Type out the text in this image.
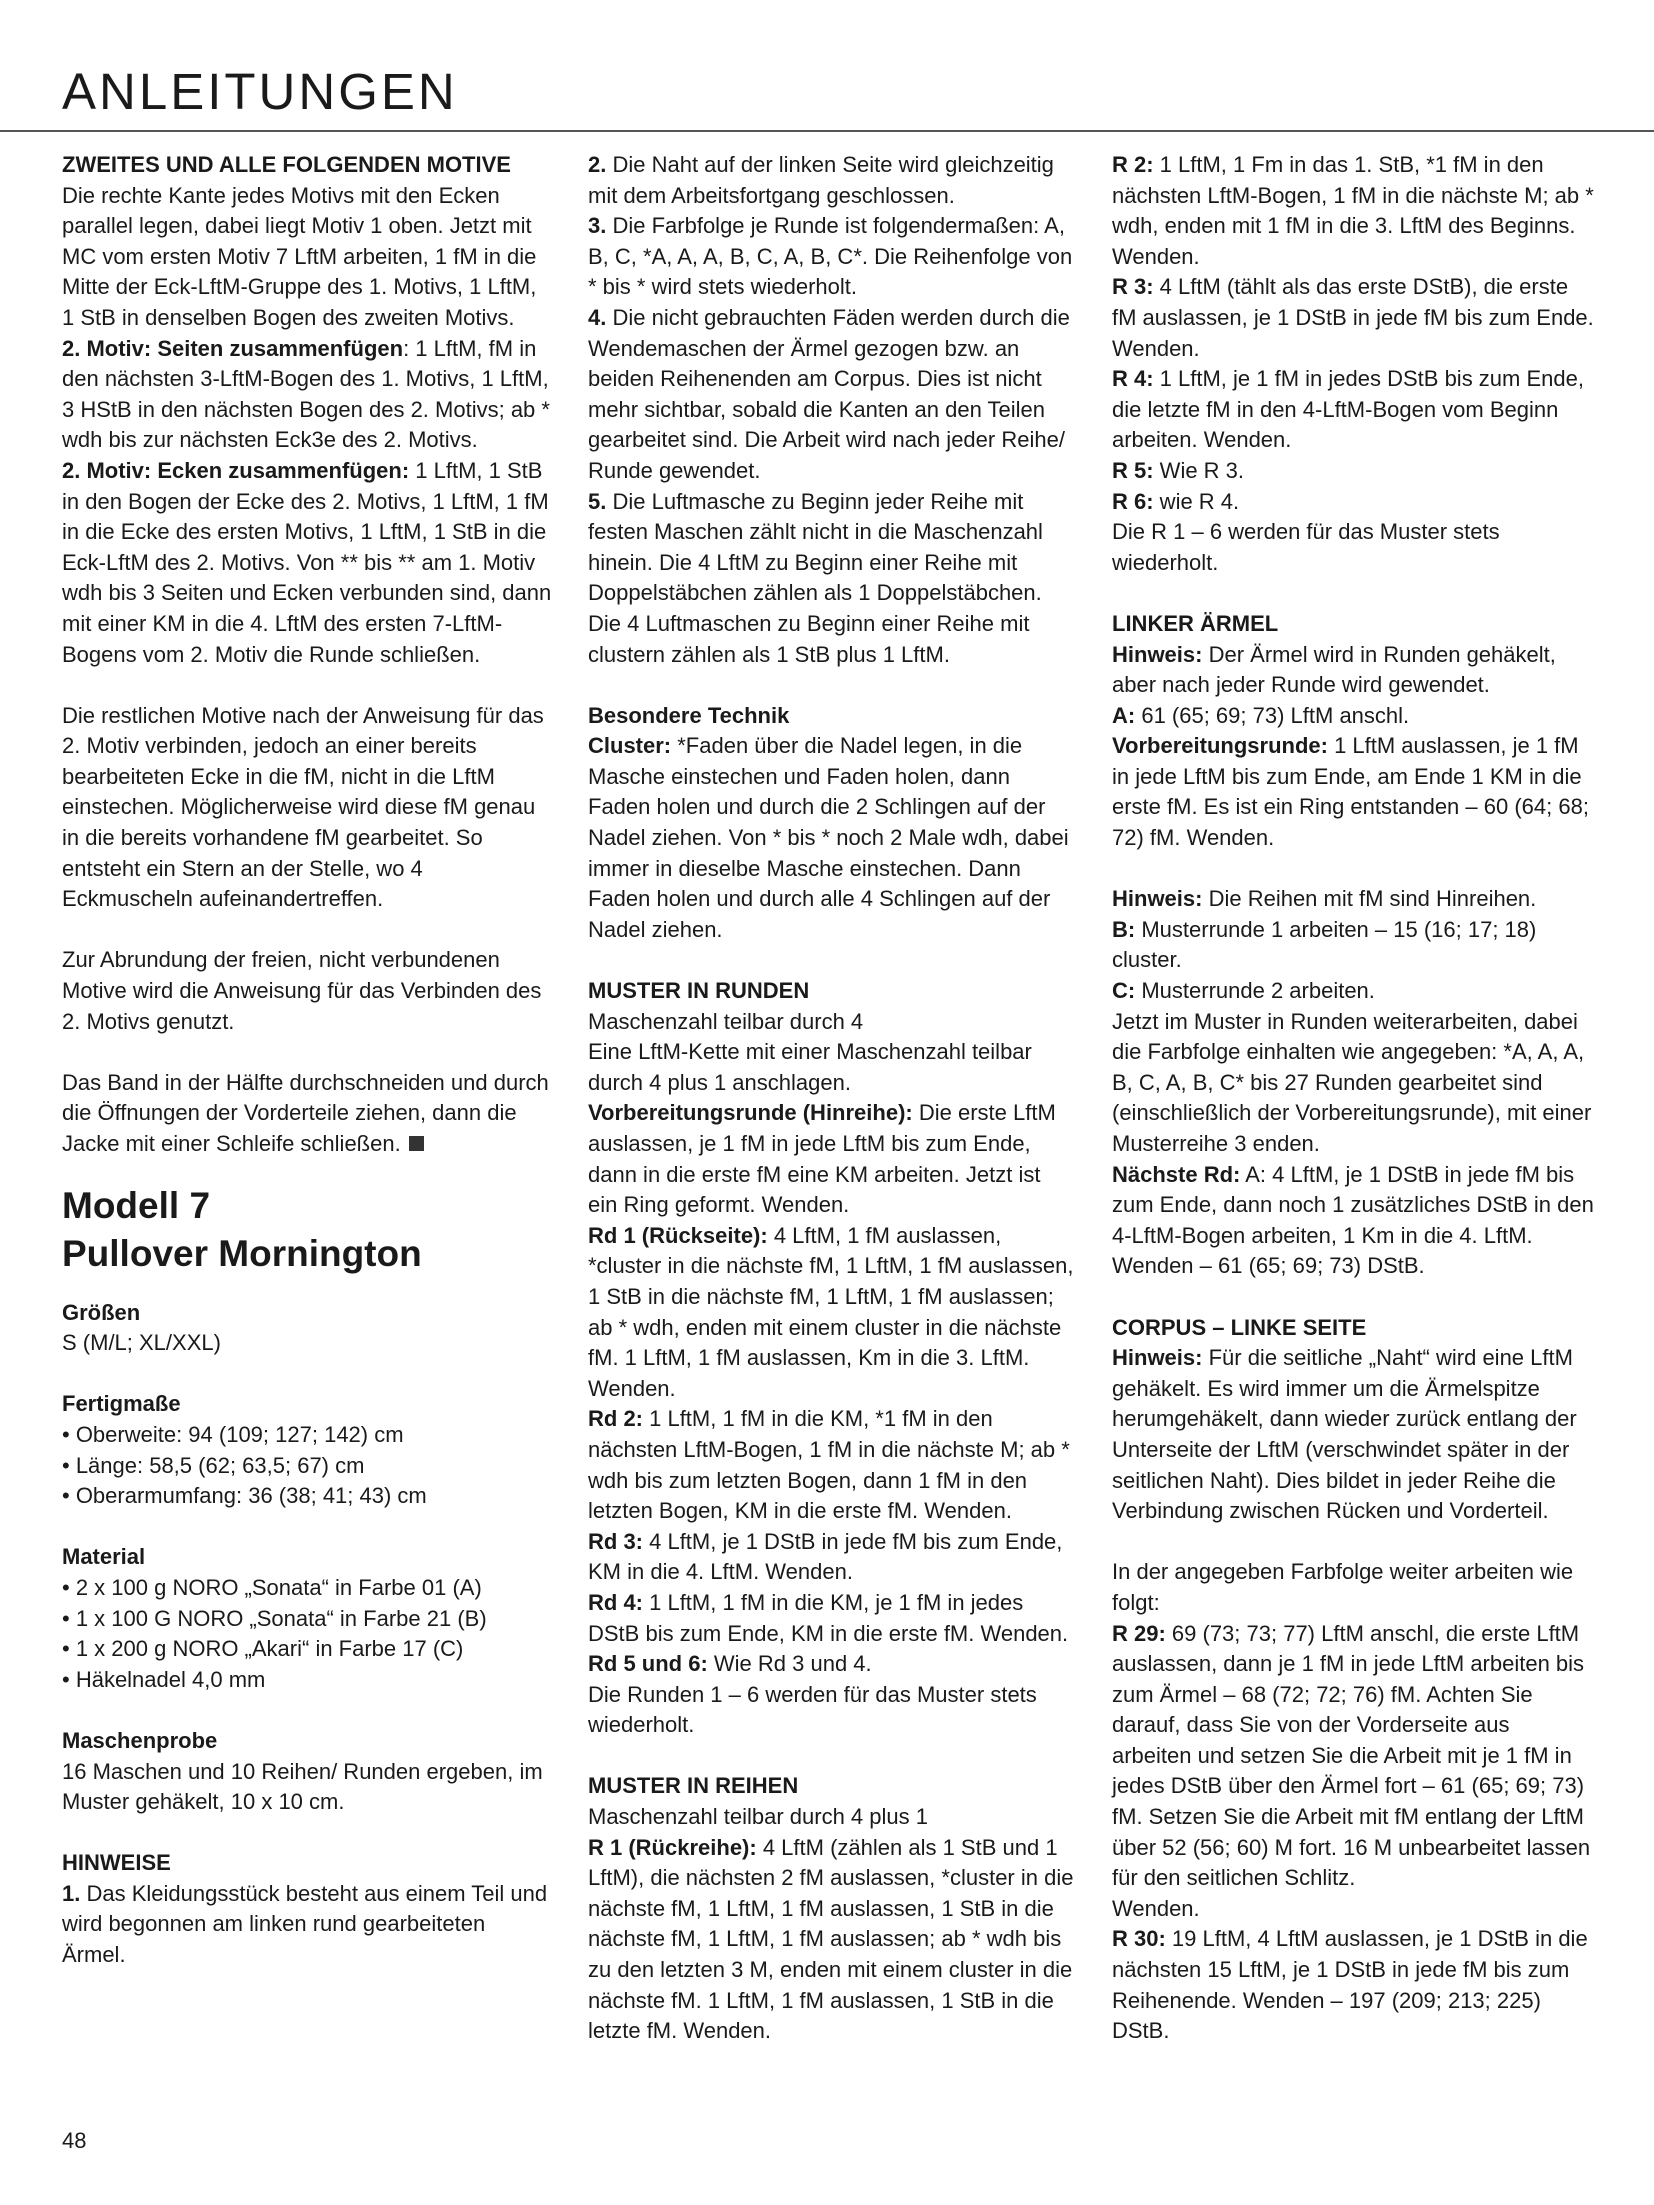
ANLEITUNGEN

ZWEITES UND ALLE FOLGENDEN MOTIVE

Die rechte Kante jedes Motivs mit den Ecken parallel legen, dabei liegt Motiv 1 oben. Jetzt mit MC vom ersten Motiv 7 LftM arbeiten, 1 fM in die Mitte der Eck-LftM-Gruppe des 1. Motivs, 1 LftM, 1 StB in denselben Bogen des zweiten Motivs.

2. Motiv: Seiten zusammenfügen: 1 LftM, fM in den nächsten 3-LftM-Bogen des 1. Motivs, 1 LftM, 3 HStB in den nächsten Bogen des 2. Motivs; ab * wdh bis zur nächsten Eck3e des 2. Motivs.

2. Motiv: Ecken zusammenfügen: 1 LftM, 1 StB in den Bogen der Ecke des 2. Motivs, 1 LftM, 1 fM in die Ecke des ersten Motivs, 1 LftM, 1 StB in die Eck-LftM des 2. Motivs. Von ** bis ** am 1. Motiv wdh bis 3 Seiten und Ecken verbunden sind, dann mit einer KM in die 4. LftM des ersten 7-LftM-Bogens vom 2. Motiv die Runde schließen.

Die restlichen Motive nach der Anweisung für das 2. Motiv verbinden, jedoch an einer bereits bearbeiteten Ecke in die fM, nicht in die LftM einstechen. Möglicherweise wird diese fM genau in die bereits vorhandene fM gearbeitet. So entsteht ein Stern an der Stelle, wo 4 Eckmuscheln aufeinandertreffen.

Zur Abrundung der freien, nicht verbundenen Motive wird die Anweisung für das Verbinden des 2. Motivs genutzt.

Das Band in der Hälfte durchschneiden und durch die Öffnungen der Vorderteile ziehen, dann die Jacke mit einer Schleife schließen.

Modell 7
Pullover Mornington

Größen

S (M/L; XL/XXL)

Fertigmaße

• Oberweite: 94 (109; 127; 142) cm

• Länge: 58,5 (62; 63,5; 67) cm

• Oberarmumfang: 36 (38; 41; 43) cm

Material

• 2 x 100 g NORO „Sonata“ in Farbe 01 (A)

• 1 x 100 G NORO „Sonata“ in Farbe 21 (B)

• 1 x 200 g NORO „Akari“ in Farbe 17 (C)

• Häkelnadel 4,0 mm

Maschenprobe

16 Maschen und 10 Reihen/ Runden ergeben, im Muster gehäkelt, 10 x 10 cm.

HINWEISE

1. Das Kleidungsstück besteht aus einem Teil und wird begonnen am linken rund gearbeiteten Ärmel.

2. Die Naht auf der linken Seite wird gleichzeitig mit dem Arbeitsfortgang geschlossen.

3. Die Farbfolge je Runde ist folgendermaßen: A, B, C, *A, A, A, B, C, A, B, C*. Die Reihenfolge von * bis * wird stets wiederholt.

4. Die nicht gebrauchten Fäden werden durch die Wendemaschen der Ärmel gezogen bzw. an beiden Reihenenden am Corpus. Dies ist nicht mehr sichtbar, sobald die Kanten an den Teilen gearbeitet sind. Die Arbeit wird nach jeder Reihe/ Runde gewendet.

5. Die Luftmasche zu Beginn jeder Reihe mit festen Maschen zählt nicht in die Maschenzahl hinein. Die 4 LftM zu Beginn einer Reihe mit Doppelstäbchen zählen als 1 Doppelstäbchen. Die 4 Luftmaschen zu Beginn einer Reihe mit clustern zählen als 1 StB plus 1 LftM.

Besondere Technik

Cluster: *Faden über die Nadel legen, in die Masche einstechen und Faden holen, dann Faden holen und durch die 2 Schlingen auf der Nadel ziehen. Von * bis * noch 2 Male wdh, dabei immer in dieselbe Masche einstechen. Dann Faden holen und durch alle 4 Schlingen auf der Nadel ziehen.

MUSTER IN RUNDEN

Maschenzahl teilbar durch 4

Eine LftM-Kette mit einer Maschenzahl teilbar durch 4 plus 1 anschlagen.

Vorbereitungsrunde (Hinreihe): Die erste LftM auslassen, je 1 fM in jede LftM bis zum Ende, dann in die erste fM eine KM arbeiten. Jetzt ist ein Ring geformt. Wenden.

Rd 1 (Rückseite): 4 LftM, 1 fM auslassen, *cluster in die nächste fM, 1 LftM, 1 fM auslassen, 1 StB in die nächste fM, 1 LftM, 1 fM auslassen; ab * wdh, enden mit einem cluster in die nächste fM. 1 LftM, 1 fM auslassen, Km in die 3. LftM. Wenden.

Rd 2: 1 LftM, 1 fM in die KM, *1 fM in den nächsten LftM-Bogen, 1 fM in die nächste M; ab * wdh bis zum letzten Bogen, dann 1 fM in den letzten Bogen, KM in die erste fM. Wenden.

Rd 3: 4 LftM, je 1 DStB in jede fM bis zum Ende, KM in die 4. LftM. Wenden.

Rd 4: 1 LftM, 1 fM in die KM, je 1 fM in jedes DStB bis zum Ende, KM in die erste fM. Wenden.

Rd 5 und 6: Wie Rd 3 und 4.

Die Runden 1 – 6 werden für das Muster stets wiederholt.

MUSTER IN REIHEN

Maschenzahl teilbar durch 4 plus 1

R 1 (Rückreihe): 4 LftM (zählen als 1 StB und 1 LftM), die nächsten 2 fM auslassen, *cluster in die nächste fM, 1 LftM, 1 fM auslassen, 1 StB in die nächste fM, 1 LftM, 1 fM auslassen; ab * wdh bis zu den letzten 3 M, enden mit einem cluster in die nächste fM. 1 LftM, 1 fM auslassen, 1 StB in die letzte fM. Wenden.

R 2: 1 LftM, 1 Fm in das 1. StB, *1 fM in den nächsten LftM-Bogen, 1 fM in die nächste M; ab * wdh, enden mit 1 fM in die 3. LftM des Beginns. Wenden.

R 3: 4 LftM (tählt als das erste DStB), die erste fM auslassen, je 1 DStB in jede fM bis zum Ende. Wenden.

R 4: 1 LftM, je 1 fM in jedes DStB bis zum Ende, die letzte fM in den 4-LftM-Bogen vom Beginn arbeiten. Wenden.

R 5: Wie R 3.

R 6: wie R 4.

Die R 1 – 6 werden für das Muster stets wiederholt.

LINKER ÄRMEL

Hinweis: Der Ärmel wird in Runden gehäkelt, aber nach jeder Runde wird gewendet.

A: 61 (65; 69; 73) LftM anschl.

Vorbereitungsrunde: 1 LftM auslassen, je 1 fM in jede LftM bis zum Ende, am Ende 1 KM in die erste fM. Es ist ein Ring entstanden – 60 (64; 68; 72) fM. Wenden.

Hinweis: Die Reihen mit fM sind Hinreihen.

B: Musterrunde 1 arbeiten – 15 (16; 17; 18) cluster.

C: Musterrunde 2 arbeiten.

Jetzt im Muster in Runden weiterarbeiten, dabei die Farbfolge einhalten wie angegeben: *A, A, A, B, C, A, B, C* bis 27 Runden gearbeitet sind (einschließlich der Vorbereitungsrunde), mit einer Musterreihe 3 enden.

Nächste Rd: A: 4 LftM, je 1 DStB in jede fM bis zum Ende, dann noch 1 zusätzliches DStB in den 4-LftM-Bogen arbeiten, 1 Km in die 4. LftM. Wenden – 61 (65; 69; 73) DStB.

CORPUS – LINKE SEITE

Hinweis: Für die seitliche „Naht“ wird eine LftM gehäkelt. Es wird immer um die Ärmelspitze herumgehäkelt, dann wieder zurück entlang der Unterseite der LftM (verschwindet später in der seitlichen Naht). Dies bildet in jeder Reihe die Verbindung zwischen Rücken und Vorderteil.

In der angegeben Farbfolge weiter arbeiten wie folgt:

R 29: 69 (73; 73; 77) LftM anschl, die erste LftM auslassen, dann je 1 fM in jede LftM arbeiten bis zum Ärmel – 68 (72; 72; 76) fM. Achten Sie darauf, dass Sie von der Vorderseite aus arbeiten und setzen Sie die Arbeit mit je 1 fM in jedes DStB über den Ärmel fort – 61 (65; 69; 73) fM. Setzen Sie die Arbeit mit fM entlang der LftM über 52 (56; 60) M fort. 16 M unbearbeitet lassen für den seitlichen Schlitz.

Wenden.

R 30: 19 LftM, 4 LftM auslassen, je 1 DStB in die nächsten 15 LftM, je 1 DStB in jede fM bis zum Reihenende. Wenden – 197 (209; 213; 225) DStB.

48
